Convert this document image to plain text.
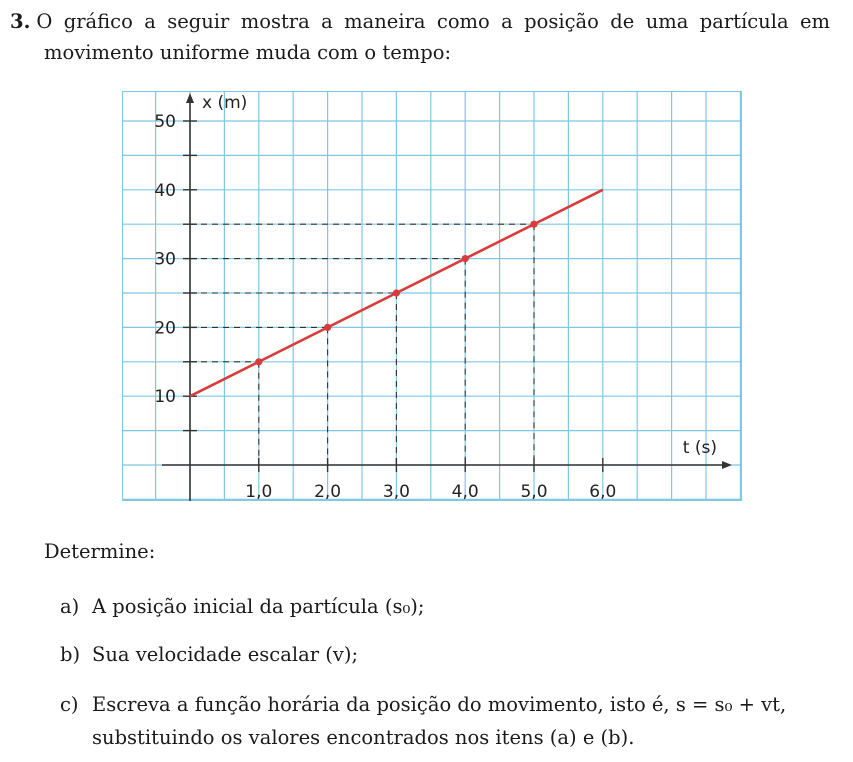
3. O gráfico a seguir mostra a maneira como a posição de uma partícula em
movimento uniforme muda com o tempo:
10
20
30
40
50
1,0 2,0 3,0 4,0 5,0 6,0
x (m)
t (s)
Determine:
a) A posição inicial da partícula (s₀);
b) Sua velocidade escalar (v);
c) Escreva a função horária da posição do movimento, isto é, s = s₀ + vt,
substituindo os valores encontrados nos itens (a) e (b).
